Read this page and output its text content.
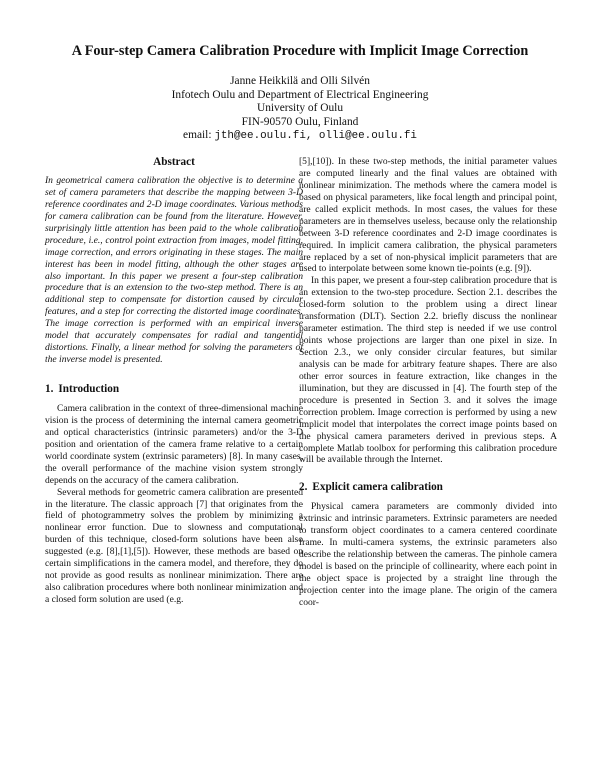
A Four-step Camera Calibration Procedure with Implicit Image Correction
Janne Heikkilä and Olli Silvén
Infotech Oulu and Department of Electrical Engineering
University of Oulu
FIN-90570 Oulu, Finland
email: jth@ee.oulu.fi, olli@ee.oulu.fi
Abstract

In geometrical camera calibration the objective is to determine a set of camera parameters that describe the mapping between 3-D reference coordinates and 2-D image coordinates. Various methods for camera calibration can be found from the literature. However, surprisingly little attention has been paid to the whole calibration procedure, i.e., control point extraction from images, model fitting, image correction, and errors originating in these stages. The main interest has been in model fitting, although the other stages are also important. In this paper we present a four-step calibration procedure that is an extension to the two-step method. There is an additional step to compensate for distortion caused by circular features, and a step for correcting the distorted image coordinates. The image correction is performed with an empirical inverse model that accurately compensates for radial and tangential distortions. Finally, a linear method for solving the parameters of the inverse model is presented.

1. Introduction

Camera calibration in the context of three-dimensional machine vision is the process of determining the internal camera geometric and optical characteristics (intrinsic parameters) and/or the 3-D position and orientation of the camera frame relative to a certain world coordinate system (extrinsic parameters) [8]. In many cases, the overall performance of the machine vision system strongly depends on the accuracy of the camera calibration.

Several methods for geometric camera calibration are presented in the literature. The classic approach [7] that originates from the field of photogrammetry solves the problem by minimizing a nonlinear error function. Due to slowness and computational burden of this technique, closed-form solutions have been also suggested (e.g. [8],[1],[5]). However, these methods are based on certain simplifications in the camera model, and therefore, they do not provide as good results as nonlinear minimization. There are also calibration procedures where both nonlinear minimization and a closed form solution are used (e.g.

[5],[10]). In these two-step methods, the initial parameter values are computed linearly and the final values are obtained with nonlinear minimization. The methods where the camera model is based on physical parameters, like focal length and principal point, are called explicit methods. In most cases, the values for these parameters are in themselves useless, because only the relationship between 3-D reference coordinates and 2-D image coordinates is required. In implicit camera calibration, the physical parameters are replaced by a set of non-physical implicit parameters that are used to interpolate between some known tie-points (e.g. [9]).

In this paper, we present a four-step calibration procedure that is an extension to the two-step procedure. Section 2.1. describes the closed-form solution to the problem using a direct linear transformation (DLT). Section 2.2. briefly discuss the nonlinear parameter estimation. The third step is needed if we use control points whose projections are larger than one pixel in size. In Section 2.3., we only consider circular features, but similar analysis can be made for arbitrary feature shapes. There are also other error sources in feature extraction, like changes in the illumination, but they are discussed in [4]. The fourth step of the procedure is presented in Section 3. and it solves the image correction problem. Image correction is performed by using a new implicit model that interpolates the correct image points based on the physical camera parameters derived in previous steps. A complete Matlab toolbox for performing this calibration procedure will be available through the Internet.

2. Explicit camera calibration

Physical camera parameters are commonly divided into extrinsic and intrinsic parameters. Extrinsic parameters are needed to transform object coordinates to a camera centered coordinate frame. In multi-camera systems, the extrinsic parameters also describe the relationship between the cameras. The pinhole camera model is based on the principle of collinearity, where each point in the object space is projected by a straight line through the projection center into the image plane. The origin of the camera coor-
